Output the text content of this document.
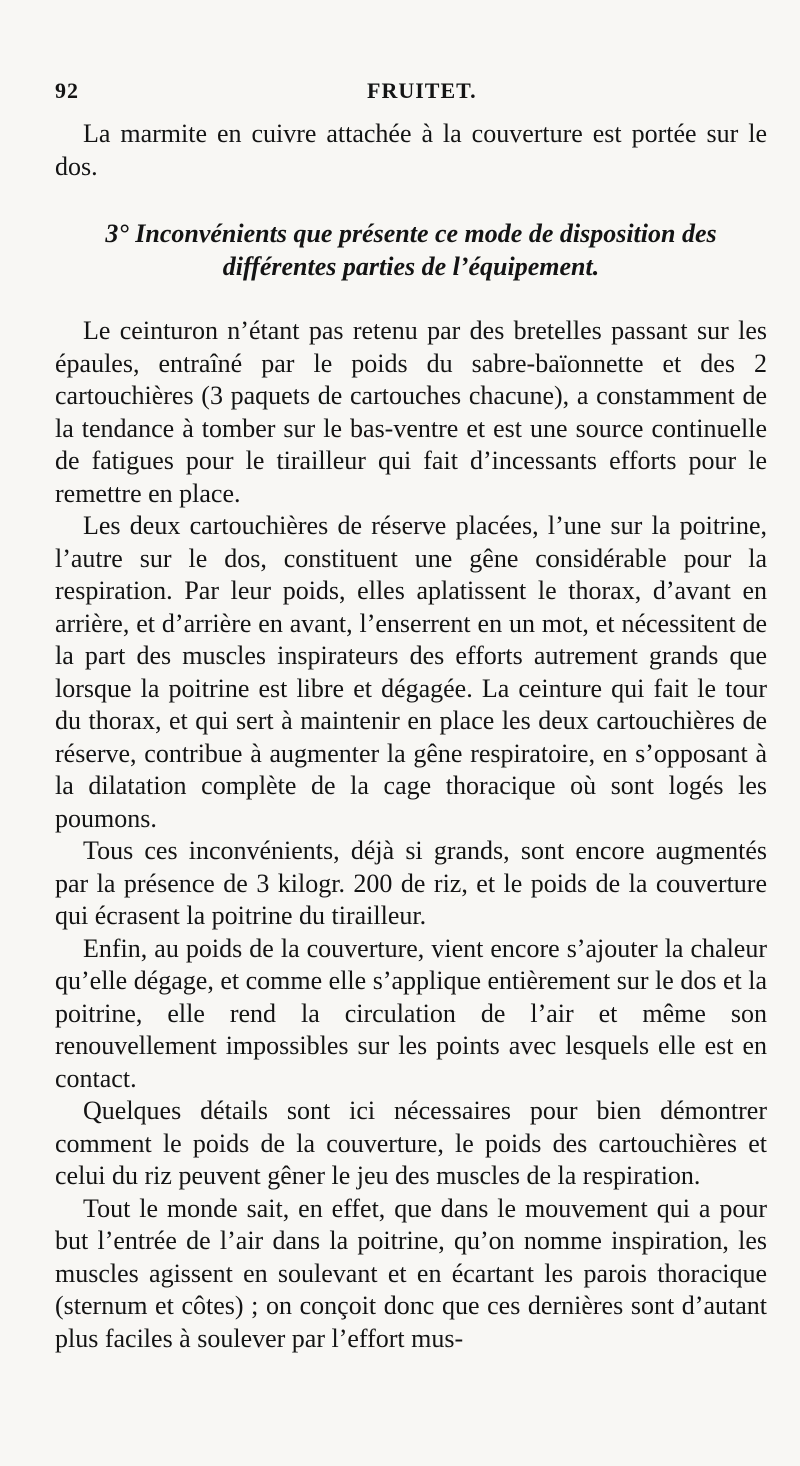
92	FRUITET.

La marmite en cuivre attachée à la couverture est portée sur le dos.

3° Inconvénients que présente ce mode de disposition des différentes parties de l’équipement.

Le ceinturon n’étant pas retenu par des bretelles passant sur les épaules, entraîné par le poids du sabre-baïonnette et des 2 cartouchières (3 paquets de cartouches chacune), a constamment de la tendance à tomber sur le bas-ventre et est une source continuelle de fatigues pour le tirailleur qui fait d’incessants efforts pour le remettre en place.

Les deux cartouchières de réserve placées, l’une sur la poitrine, l’autre sur le dos, constituent une gêne considérable pour la respiration. Par leur poids, elles aplatissent le thorax, d’avant en arrière, et d’arrière en avant, l’enserrent en un mot, et nécessitent de la part des muscles inspirateurs des efforts autrement grands que lorsque la poitrine est libre et dégagée. La ceinture qui fait le tour du thorax, et qui sert à maintenir en place les deux cartouchières de réserve, contribue à augmenter la gêne respiratoire, en s’opposant à la dilatation complète de la cage thoracique où sont logés les poumons.

Tous ces inconvénients, déjà si grands, sont encore augmentés par la présence de 3 kilogr. 200 de riz, et le poids de la couverture qui écrasent la poitrine du tirailleur.

Enfin, au poids de la couverture, vient encore s’ajouter la chaleur qu’elle dégage, et comme elle s’applique entièrement sur le dos et la poitrine, elle rend la circulation de l’air et même son renouvellement impossibles sur les points avec lesquels elle est en contact.

Quelques détails sont ici nécessaires pour bien démontrer comment le poids de la couverture, le poids des cartouchières et celui du riz peuvent gêner le jeu des muscles de la respiration.

Tout le monde sait, en effet, que dans le mouvement qui a pour but l’entrée de l’air dans la poitrine, qu’on nomme inspiration, les muscles agissent en soulevant et en écartant les parois thoracique (sternum et côtes) ; on conçoit donc que ces dernières sont d’autant plus faciles à soulever par l’effort mus-
